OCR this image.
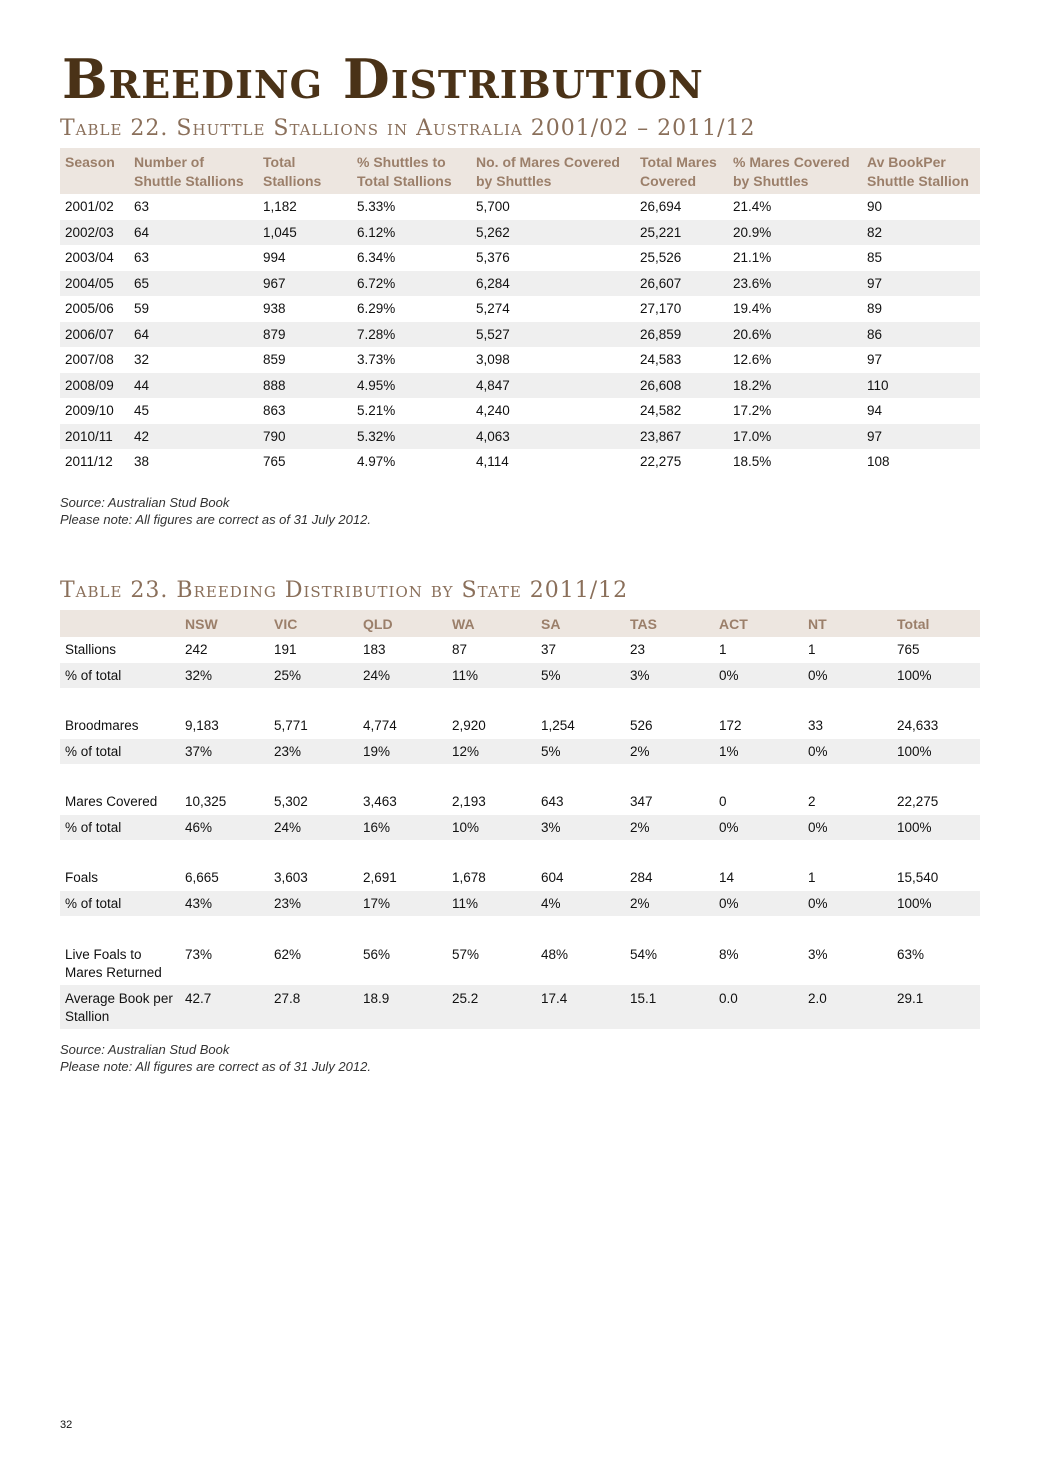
Breeding Distribution
Table 22. Shuttle Stallions in Australia 2001/02 – 2011/12
Season	Number of Shuttle Stallions	Total Stallions	% Shuttles to Total Stallions	No. of Mares Covered by Shuttles	Total Mares Covered	% Mares Covered by Shuttles	Av BookPer Shuttle Stallion
2001/02	63	1,182	5.33%	5,700	26,694	21.4%	90
2002/03	64	1,045	6.12%	5,262	25,221	20.9%	82
2003/04	63	994	6.34%	5,376	25,526	21.1%	85
2004/05	65	967	6.72%	6,284	26,607	23.6%	97
2005/06	59	938	6.29%	5,274	27,170	19.4%	89
2006/07	64	879	7.28%	5,527	26,859	20.6%	86
2007/08	32	859	3.73%	3,098	24,583	12.6%	97
2008/09	44	888	4.95%	4,847	26,608	18.2%	110
2009/10	45	863	5.21%	4,240	24,582	17.2%	94
2010/11	42	790	5.32%	4,063	23,867	17.0%	97
2011/12	38	765	4.97%	4,114	22,275	18.5%	108
Source: Australian Stud Book
Please note: All figures are correct as of 31 July 2012.
Table 23. Breeding Distribution by State 2011/12
	NSW	VIC	QLD	WA	SA	TAS	ACT	NT	Total
Stallions	242	191	183	87	37	23	1	1	765
% of total	32%	25%	24%	11%	5%	3%	0%	0%	100%

Broodmares	9,183	5,771	4,774	2,920	1,254	526	172	33	24,633
% of total	37%	23%	19%	12%	5%	2%	1%	0%	100%

Mares Covered	10,325	5,302	3,463	2,193	643	347	0	2	22,275
% of total	46%	24%	16%	10%	3%	2%	0%	0%	100%

Foals	6,665	3,603	2,691	1,678	604	284	14	1	15,540
% of total	43%	23%	17%	11%	4%	2%	0%	0%	100%

Live Foals to Mares Returned	73%	62%	56%	57%	48%	54%	8%	3%	63%
Average Book per Stallion	42.7	27.8	18.9	25.2	17.4	15.1	0.0	2.0	29.1
Source: Australian Stud Book
Please note: All figures are correct as of 31 July 2012.
32
